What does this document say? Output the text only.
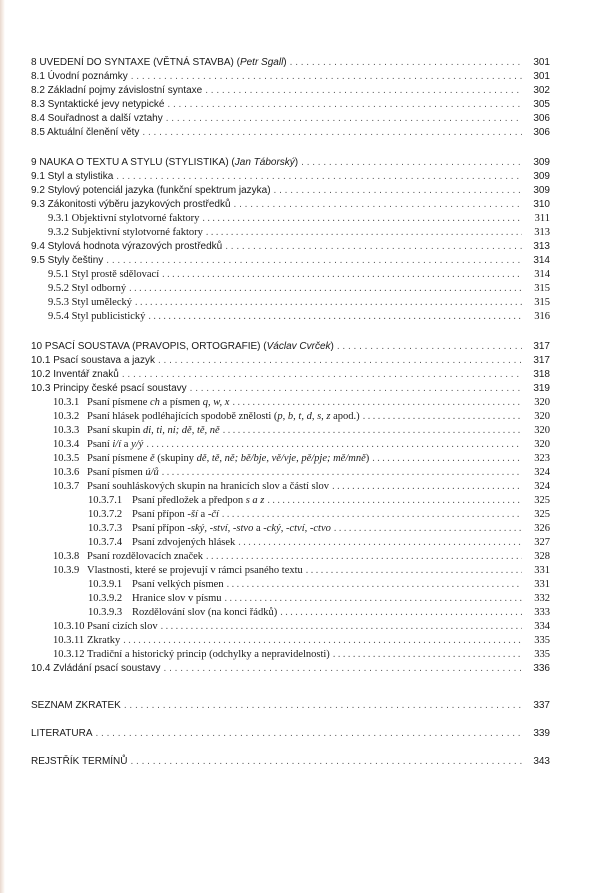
8 UVEDENÍ DO SYNTAXE (VĚTNÁ STAVBA) (Petr Sgall) . . .	301
8.1 Úvodní poznámky . . .	301
8.2 Základní pojmy závislostní syntaxe . . .	302
8.3 Syntaktické jevy netypické . . .	305
8.4 Souřadnost a další vztahy . . .	306
8.5 Aktuální členění věty . . .	306
9 NAUKA O TEXTU A STYLU (STYLISTIKA) (Jan Táborský) . . .	309
9.1 Styl a stylistika . . .	309
9.2 Stylový potenciál jazyka (funkční spektrum jazyka) . . .	309
9.3 Zákonitosti výběru jazykových prostředků . . .	310
9.3.1 Objektivní stylotvorné faktory . . .	311
9.3.2 Subjektivní stylotvorné faktory . . .	313
9.4 Stylová hodnota výrazových prostředků . . .	313
9.5 Styly češtiny . . .	314
9.5.1 Styl prostě sdělovací . . .	314
9.5.2 Styl odborný . . .	315
9.5.3 Styl umělecký . . .	315
9.5.4 Styl publicistický . . .	316
10 PSACÍ SOUSTAVA (PRAVOPIS, ORTOGRAFIE) (Václav Cvrček) . . .	317
10.1 Psací soustava a jazyk . . .	317
10.2 Inventář znaků . . .	318
10.3 Principy české psací soustavy . . .	319
10.3.1 Psaní písmene ch a písmen q, w, x . . .	320
10.3.2 Psaní hlásek podléhajících spodobě znělosti (p, b, t, d, s, z apod.) . . .	320
10.3.3 Psaní skupin di, ti, ni; dě, tě, ně . . .	320
10.3.4 Psaní i/í a y/ý . . .	320
10.3.5 Psaní písmene ě (skupiny dě, tě, ně; bě/bje, vě/vje, pě/pje; mě/mně) . . .	323
10.3.6 Psaní písmen ú/ů . . .	324
10.3.7 Psaní souhláskových skupin na hranicích slov a částí slov . . .	324
10.3.7.1 Psaní předložek a předpon s a z . . .	325
10.3.7.2 Psaní přípon -ší a -čí . . .	325
10.3.7.3 Psaní přípon -ský, -ství, -stvo a -cký, -ctví, -ctvo . . .	326
10.3.7.4 Psaní zdvojených hlásek . . .	327
10.3.8 Psaní rozdělovacích značek . . .	328
10.3.9 Vlastnosti, které se projevují v rámci psaného textu . . .	331
10.3.9.1 Psaní velkých písmen . . .	331
10.3.9.2 Hranice slov v písmu . . .	332
10.3.9.3 Rozdělování slov (na konci řádků) . . .	333
10.3.10 Psaní cizích slov . . .	334
10.3.11 Zkratky . . .	335
10.3.12 Tradiční a historický princip (odchylky a nepravidelnosti) . . .	335
10.4 Zvládání psací soustavy . . .	336
SEZNAM ZKRATEK . . .	337
LITERATURA . . .	339
REJSTŘÍK TERMÍNŮ . . .	343
